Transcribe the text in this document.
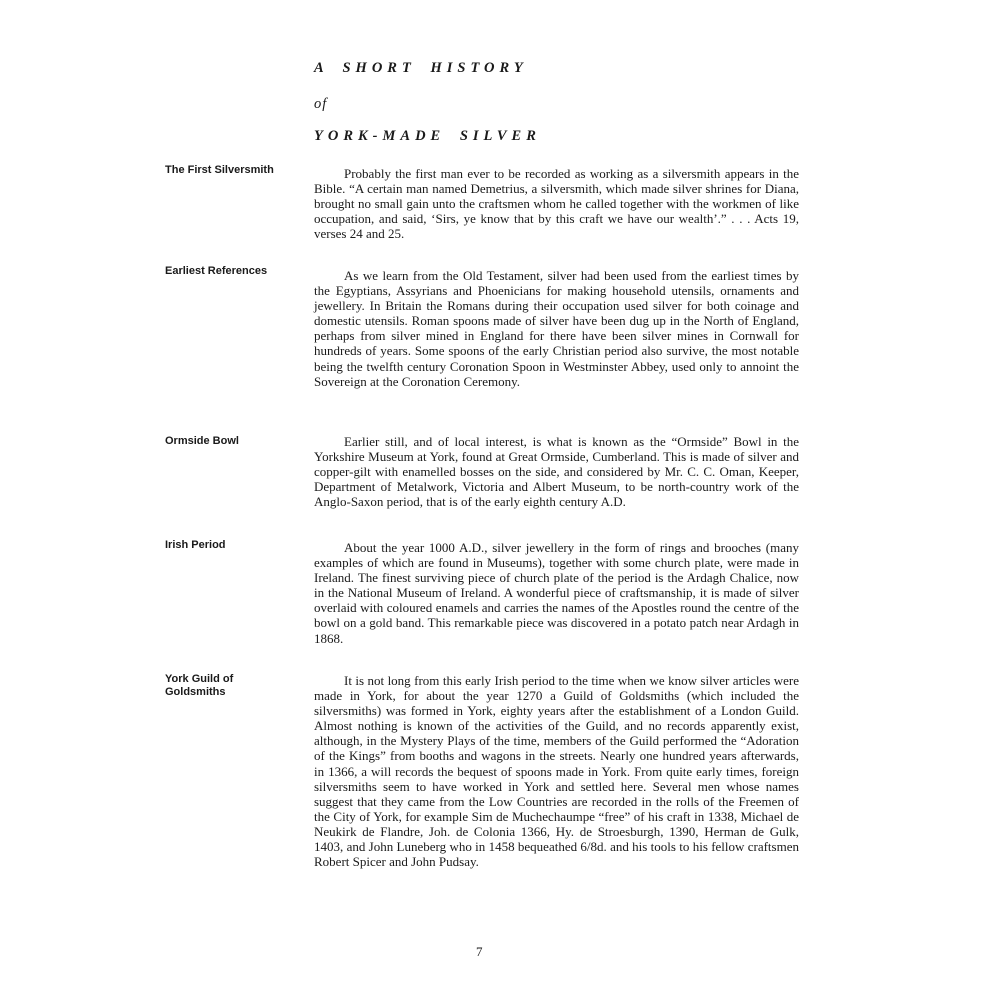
A SHORT HISTORY
of
YORK-MADE SILVER
The First Silversmith	Probably the first man ever to be recorded as working as a silversmith appears in the Bible. “A certain man named Demetrius, a silversmith, which made silver shrines for Diana, brought no small gain unto the craftsmen whom he called together with the workmen of like occupation, and said, ‘Sirs, ye know that by this craft we have our wealth’.” . . . Acts 19, verses 24 and 25.

Earliest References	As we learn from the Old Testament, silver had been used from the earliest times by the Egyptians, Assyrians and Phoenicians for making household utensils, ornaments and jewellery. In Britain the Romans during their occupation used silver for both coinage and domestic utensils. Roman spoons made of silver have been dug up in the North of England, perhaps from silver mined in England for there have been silver mines in Cornwall for hundreds of years. Some spoons of the early Christian period also survive, the most notable being the twelfth century Coronation Spoon in Westminster Abbey, used only to annoint the Sovereign at the Coronation Ceremony.

Ormside Bowl	Earlier still, and of local interest, is what is known as the “Ormside” Bowl in the Yorkshire Museum at York, found at Great Ormside, Cumberland. This is made of silver and copper-gilt with enamelled bosses on the side, and considered by Mr. C. C. Oman, Keeper, Department of Metalwork, Victoria and Albert Museum, to be north-country work of the Anglo-Saxon period, that is of the early eighth century A.D.

Irish Period	About the year 1000 A.D., silver jewellery in the form of rings and brooches (many examples of which are found in Museums), together with some church plate, were made in Ireland. The finest surviving piece of church plate of the period is the Ardagh Chalice, now in the National Museum of Ireland. A wonderful piece of craftsmanship, it is made of silver overlaid with coloured enamels and carries the names of the Apostles round the centre of the bowl on a gold band. This remarkable piece was discovered in a potato patch near Ardagh in 1868.

York Guild of Goldsmiths

It is not long from this early Irish period to the time when we know silver articles were made in York, for about the year 1270 a Guild of Goldsmiths (which included the silversmiths) was formed in York, eighty years after the establishment of a London Guild. Almost nothing is known of the activities of the Guild, and no records apparently exist, although, in the Mystery Plays of the time, members of the Guild performed the “Adoration of the Kings” from booths and wagons in the streets. Nearly one hundred years afterwards, in 1366, a will records the bequest of spoons made in York. From quite early times, foreign silversmiths seem to have worked in York and settled here. Several men whose names suggest that they came from the Low Countries are recorded in the rolls of the Freemen of the City of York, for example Sim de Muchechaumpe “free” of his craft in 1338, Michael de Neukirk de Flandre, Joh. de Colonia 1366, Hy. de Stroesburgh, 1390, Herman de Gulk, 1403, and John Luneberg who in 1458 bequeathed 6/8d. and his tools to his fellow craftsmen Robert Spicer and John Pudsay.

7
